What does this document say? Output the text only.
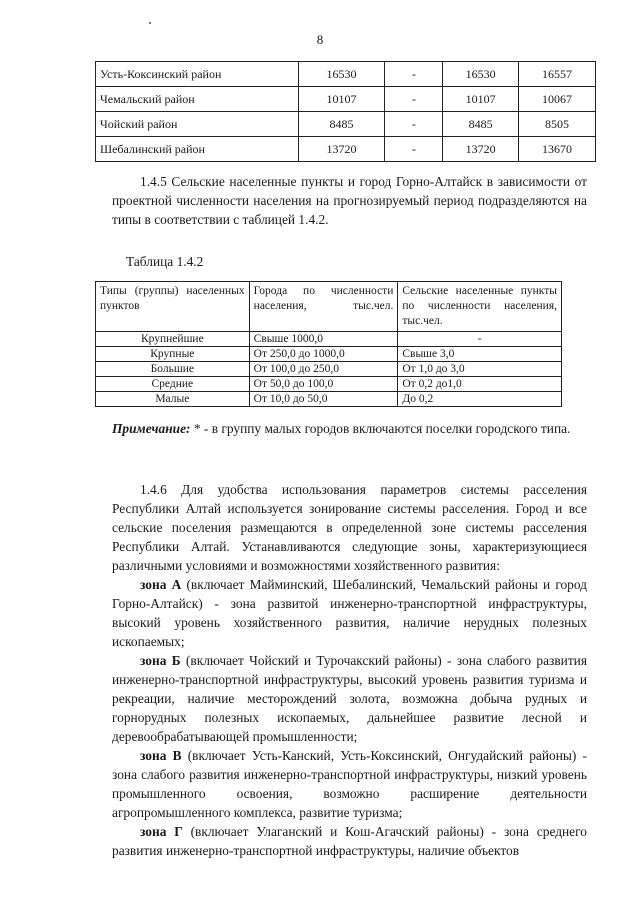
8
Усть-Коксинский район	16530	-	16530	16557
Чемальский район	10107	-	10107	10067
Чойский район	8485	-	8485	8505
Шебалинский район	13720	-	13720	13670

1.4.5 Сельские населенные пункты и город Горно-Алтайск в зависимости от проектной численности населения на прогнозируемый период подразделяются на типы в соответствии с таблицей 1.4.2.

Таблица 1.4.2
Типы (группы) населенных пунктов	Города по численности населения, тыс.чел.	Сельские населенные пункты по численности населения, тыс.чел.
Крупнейшие	Свыше 1000,0	-
Крупные	От 250,0 до 1000,0	Свыше 3,0
Большие	От 100,0 до 250,0	От 1,0 до 3,0
Средние	От 50,0 до 100,0	От 0,2 до1,0
Малые	От 10,0 до 50,0	До 0,2

Примечание: * - в группу малых городов включаются поселки городского типа.

1.4.6 Для удобства использования параметров системы расселения Республики Алтай используется зонирование системы расселения. Город и все сельские поселения размещаются в определенной зоне системы расселения Республики Алтай. Устанавливаются следующие зоны, характеризующиеся различными условиями и возможностями хозяйственного развития:

зона А (включает Майминский, Шебалинский, Чемальский районы и город Горно-Алтайск) - зона развитой инженерно-транспортной инфраструктуры, высокий уровень хозяйственного развития, наличие нерудных полезных ископаемых;

зона Б (включает Чойский и Турочакский районы) - зона слабого развития инженерно-транспортной инфраструктуры, высокий уровень развития туризма и рекреации, наличие месторождений золота, возможна добыча рудных и горнорудных полезных ископаемых, дальнейшее развитие лесной и деревообрабатывающей промышленности;

зона В (включает Усть-Канский, Усть-Коксинский, Онгудайский районы) - зона слабого развития инженерно-транспортной инфраструктуры, низкий уровень промышленного освоения, возможно расширение деятельности агропромышленного комплекса, развитие туризма;

зона Г (включает Улаганский и Кош-Агачский районы) - зона среднего развития инженерно-транспортной инфраструктуры, наличие объектов
